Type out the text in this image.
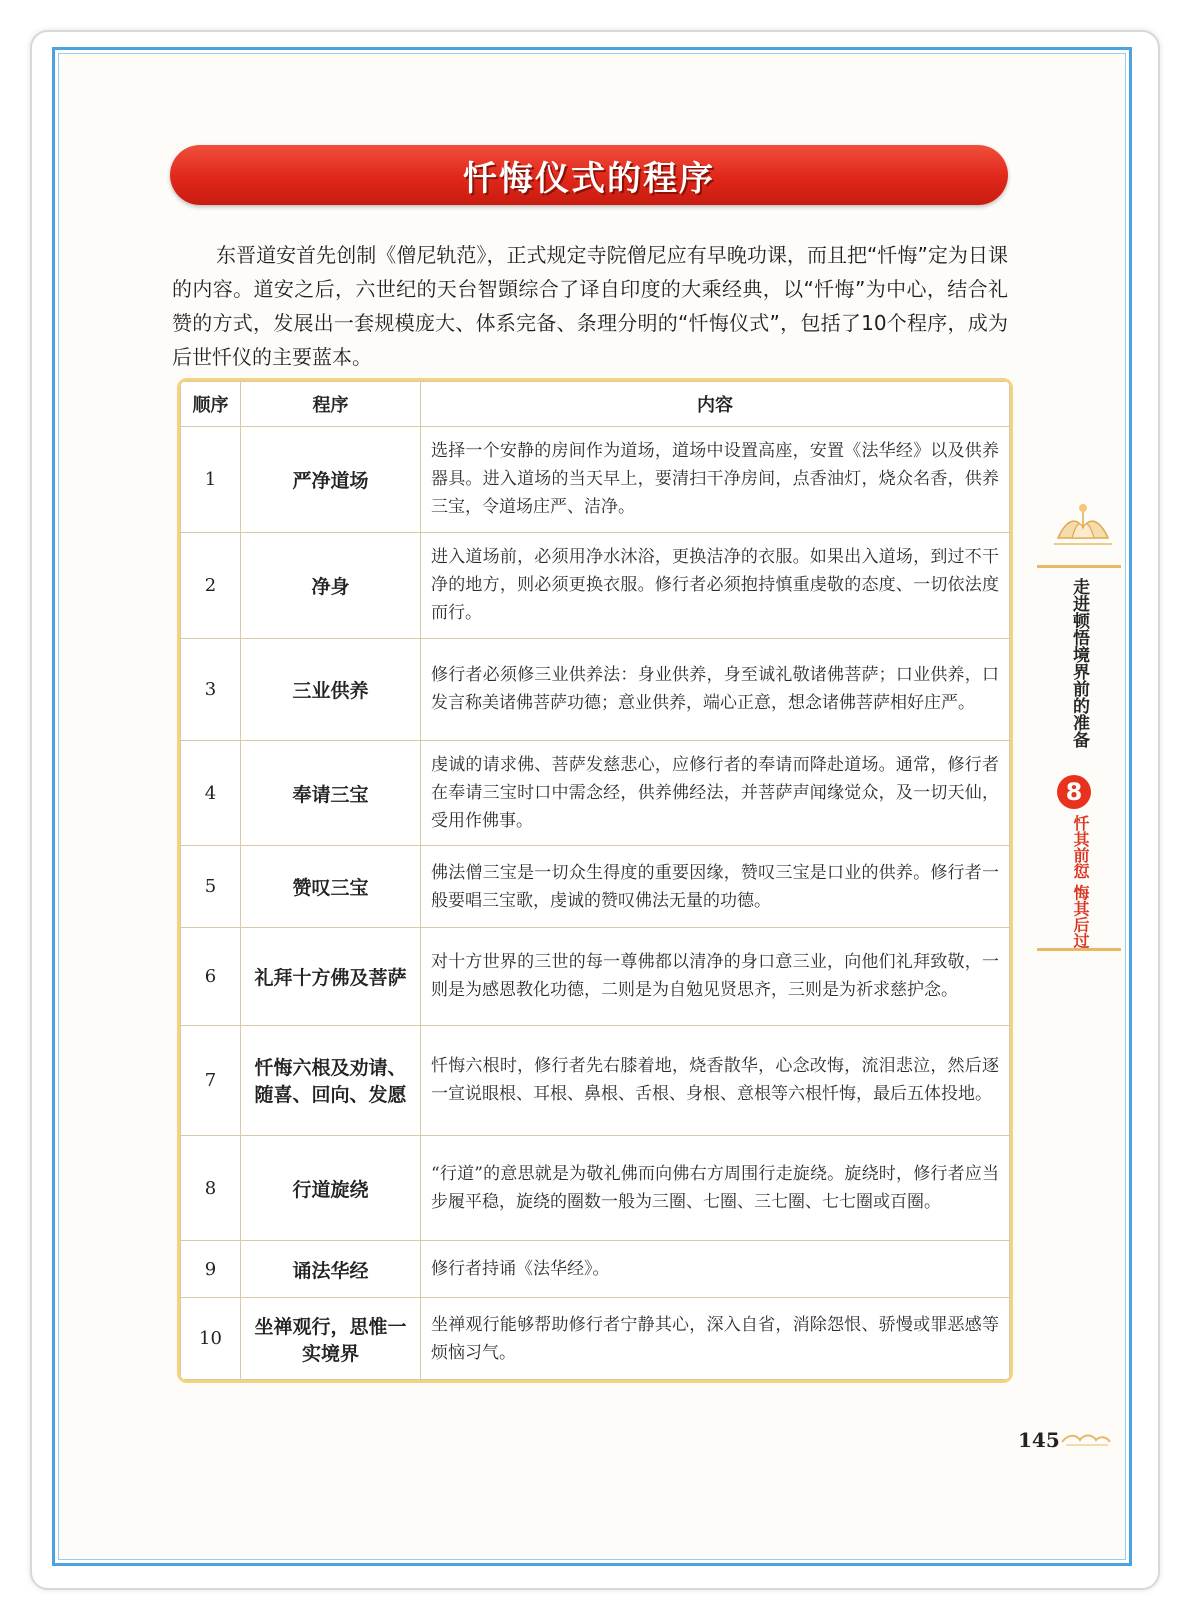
忏悔仪式的程序

东晋道安首先创制《僧尼轨范》，正式规定寺院僧尼应有早晚功课，而且把“忏悔”定为日课的内容。道安之后，六世纪的天台智顗综合了译自印度的大乘经典，以“忏悔”为中心，结合礼赞的方式，发展出一套规模庞大、体系完备、条理分明的“忏悔仪式”，包括了10个程序，成为后世忏仪的主要蓝本。

顺序	程序	内容
1	严净道场	选择一个安静的房间作为道场，道场中设置高座，安置《法华经》以及供养器具。进入道场的当天早上，要清扫干净房间，点香油灯，烧众名香，供养三宝，令道场庄严、洁净。
2	净身	进入道场前，必须用净水沐浴，更换洁净的衣服。如果出入道场，到过不干净的地方，则必须更换衣服。修行者必须抱持慎重虔敬的态度、一切依法度而行。
3	三业供养	修行者必须修三业供养法：身业供养，身至诚礼敬诸佛菩萨；口业供养，口发言称美诸佛菩萨功德；意业供养，端心正意，想念诸佛菩萨相好庄严。
4	奉请三宝	虔诚的请求佛、菩萨发慈悲心，应修行者的奉请而降赴道场。通常，修行者在奉请三宝时口中需念经，供养佛经法，并菩萨声闻缘觉众，及一切天仙，受用作佛事。
5	赞叹三宝	佛法僧三宝是一切众生得度的重要因缘，赞叹三宝是口业的供养。修行者一般要唱三宝歌，虔诚的赞叹佛法无量的功德。
6	礼拜十方佛及菩萨	对十方世界的三世的每一尊佛都以清净的身口意三业，向他们礼拜致敬，一则是为感恩教化功德，二则是为自勉见贤思齐，三则是为祈求慈护念。
7	忏悔六根及劝请、随喜、回向、发愿	忏悔六根时，修行者先右膝着地，烧香散华，心念改悔，流泪悲泣，然后逐一宣说眼根、耳根、鼻根、舌根、身根、意根等六根忏悔，最后五体投地。
8	行道旋绕	“行道”的意思就是为敬礼佛而向佛右方周围行走旋绕。旋绕时，修行者应当步履平稳，旋绕的圈数一般为三圈、七圈、三七圈、七七圈或百圈。
9	诵法华经	修行者持诵《法华经》。
10	坐禅观行，思惟一实境界	坐禅观行能够帮助修行者宁静其心，深入自省，消除怨恨、骄慢或罪恶感等烦恼习气。
走进顿悟境界前的准备
8
忏其前愆 悔其后过
145
